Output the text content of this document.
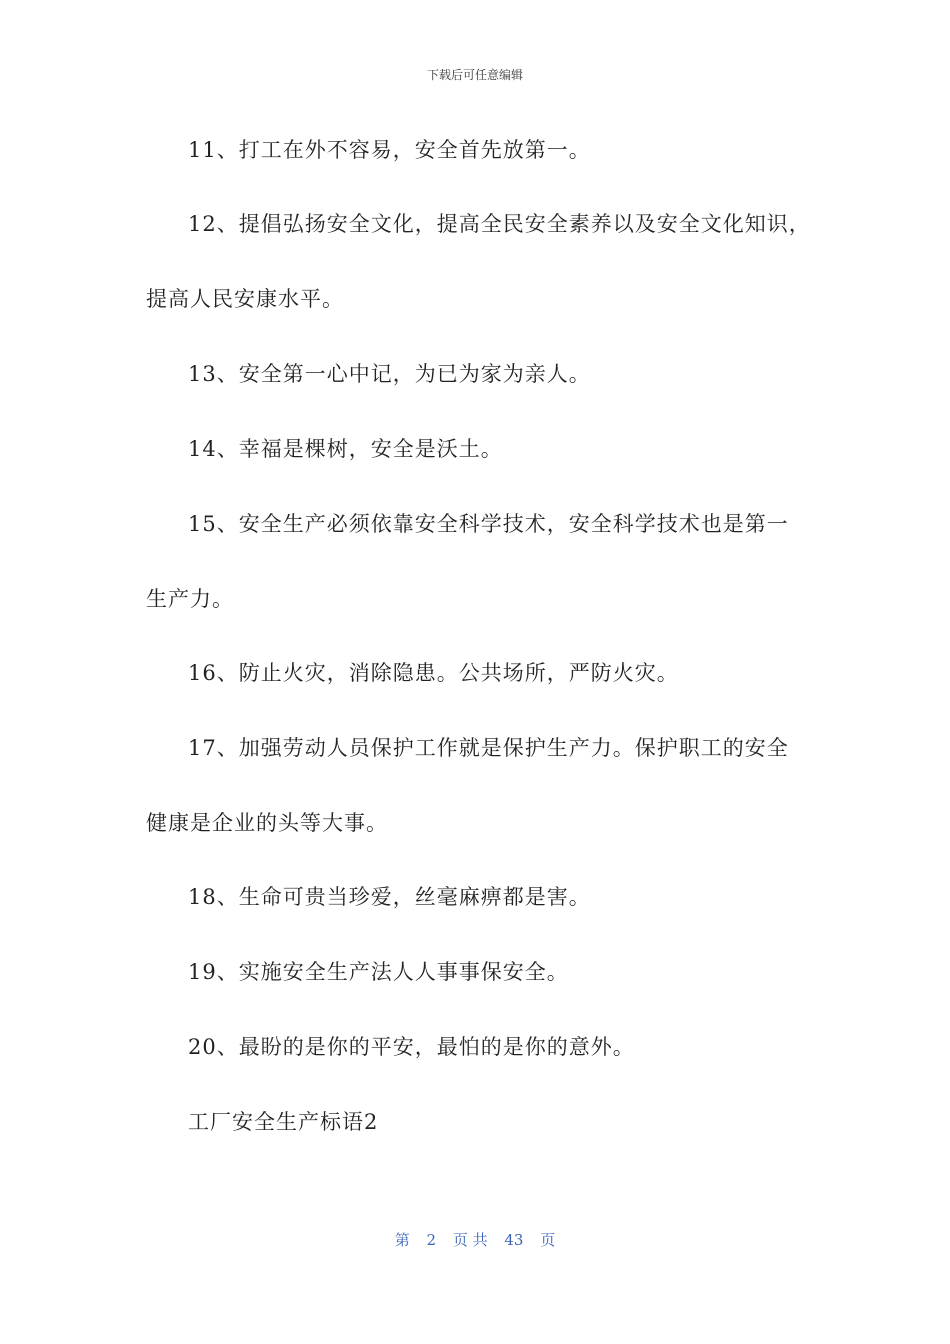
下载后可任意编辑
11、打工在外不容易，安全首先放第一。
12、提倡弘扬安全文化，提高全民安全素养以及安全文化知识，
提高人民安康水平。
13、安全第一心中记，为已为家为亲人。
14、幸福是棵树，安全是沃土。
15、安全生产必须依靠安全科学技术，安全科学技术也是第一
生产力。
16、防止火灾，消除隐患。公共场所，严防火灾。
17、加强劳动人员保护工作就是保护生产力。保护职工的安全
健康是企业的头等大事。
18、生命可贵当珍爱，丝毫麻痹都是害。
19、实施安全生产法人人事事保安全。
20、最盼的是你的平安，最怕的是你的意外。
工厂安全生产标语2
第 2 页 共 43 页
